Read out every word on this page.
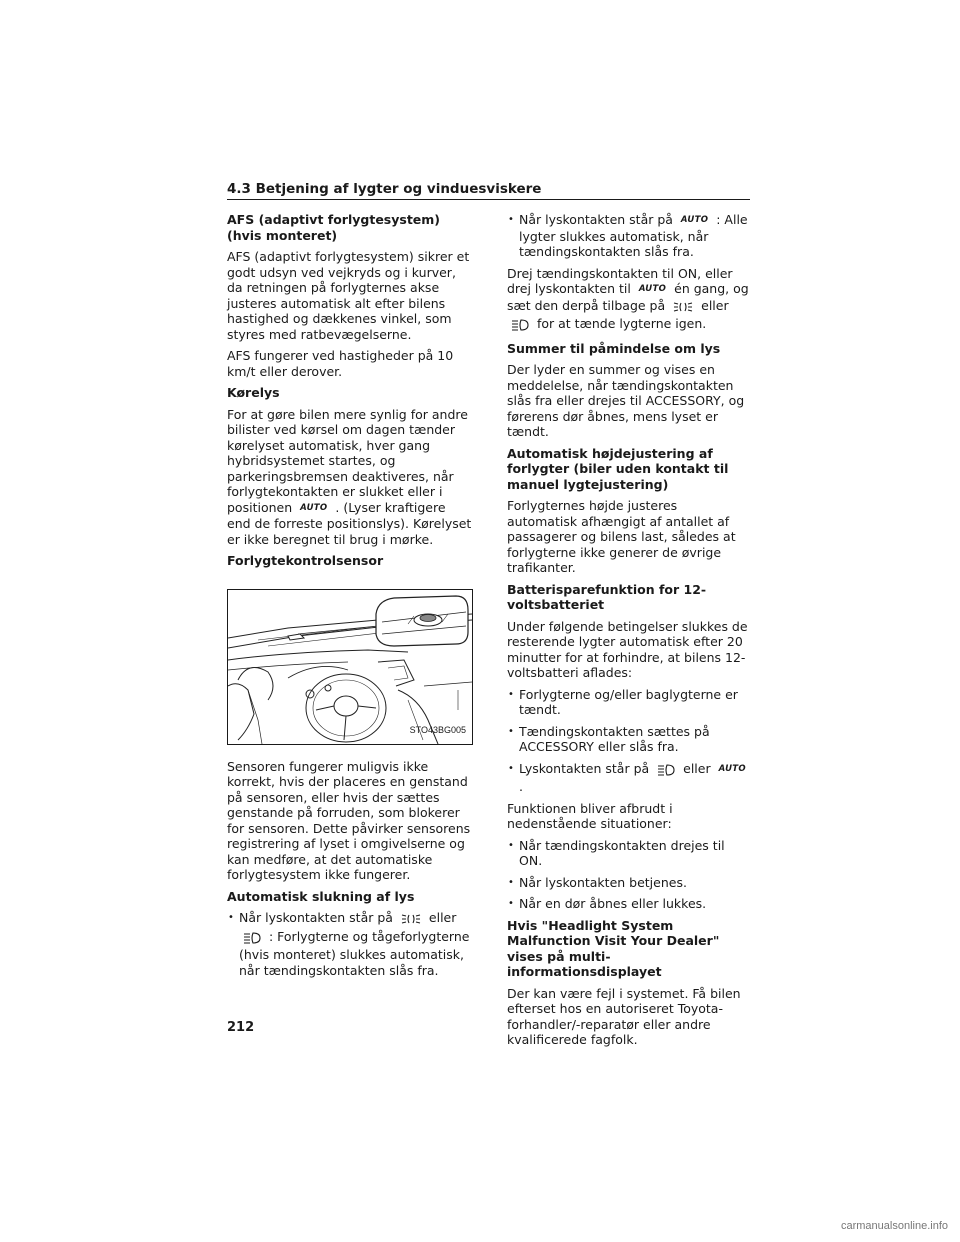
4.3 Betjening af lygter og vinduesviskere
AFS (adaptivt forlygtesystem) (hvis monteret)

AFS (adaptivt forlygtesystem) sikrer et godt udsyn ved vejkryds og i kurver, da retningen på forlygternes akse justeres automatisk alt efter bilens hastighed og dækkenes vinkel, som styres med ratbevægelserne.

AFS fungerer ved hastigheder på 10 km/t eller derover.

Kørelys

For at gøre bilen mere synlig for andre bilister ved kørsel om dagen tænder kørelyset automatisk, hver gang hybridsystemet startes, og parkeringsbremsen deaktiveres, når forlygtekontakten er slukket eller i positionen AUTO . (Lyser kraftigere end de forreste positionslys). Kørelyset er ikke beregnet til brug i mørke.

Forlygtekontrolsensor
STO43BG005

Sensoren fungerer muligvis ikke korrekt, hvis der placeres en genstand på sensoren, eller hvis der sættes genstande på forruden, som blokerer for sensoren. Dette påvirker sensorens registrering af lyset i omgivelserne og kan medføre, at det automatiske forlygtesystem ikke fungerer.

Automatisk slukning af lys
• Når lyskontakten står på	eller  : Forlygterne og tågeforlygterne (hvis monteret) slukkes automatisk, når tændingskontakten slås fra.
• Når lyskontakten står på AUTO : Alle lygter slukkes automatisk, når tændingskontakten slås fra.

Drej tændingskontakten til ON, eller drej lyskontakten til AUTO én gang, og sæt den derpå tilbage på	eller  for at tænde lygterne igen.

Summer til påmindelse om lys

Der lyder en summer og vises en meddelelse, når tændingskontakten slås fra eller drejes til ACCESSORY, og førerens dør åbnes, mens lyset er tændt.

Automatisk højdejustering af forlygter (biler uden kontakt til manuel lygtejustering)

Forlygternes højde justeres automatisk afhængigt af antallet af passagerer og bilens last, således at forlygterne ikke generer de øvrige trafikanter.

Batterisparefunktion for 12-voltsbatteriet

Under følgende betingelser slukkes de resterende lygter automatisk efter 20 minutter for at forhindre, at bilens 12-voltsbatteri aflades:

• Forlygterne og/eller baglygterne er tændt.
• Tændingskontakten sættes på ACCESSORY eller slås fra.
• Lyskontakten står på	eller AUTO.

Funktionen bliver afbrudt i nedenstående situationer:

• Når tændingskontakten drejes til ON.
• Når lyskontakten betjenes.
• Når en dør åbnes eller lukkes.
Hvis "Headlight System Malfunction Visit Your Dealer" vises på multi-informationsdisplayet

Der kan være fejl i systemet. Få bilen efterset hos en autoriseret Toyota-forhandler/-reparatør eller andre kvalificerede fagfolk.

212
carmanualsonline.info
